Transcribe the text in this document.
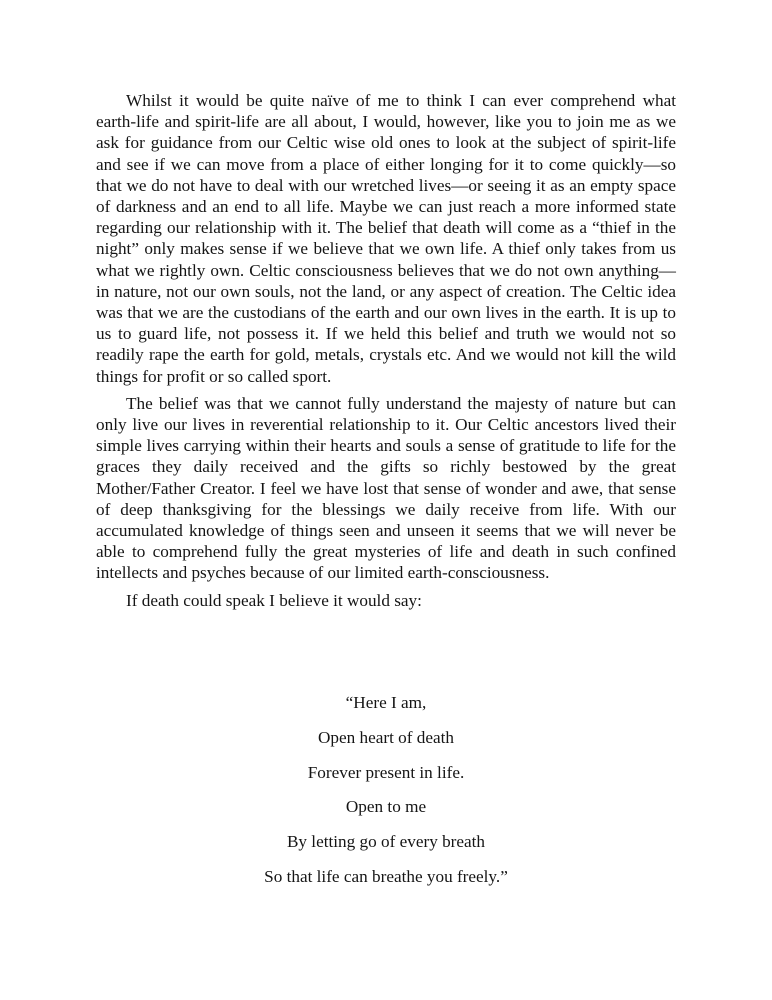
Whilst it would be quite naïve of me to think I can ever comprehend what earth-life and spirit-life are all about, I would, however, like you to join me as we ask for guidance from our Celtic wise old ones to look at the subject of spirit-life and see if we can move from a place of either longing for it to come quickly—so that we do not have to deal with our wretched lives—or seeing it as an empty space of darkness and an end to all life. Maybe we can just reach a more informed state regarding our relationship with it. The belief that death will come as a “thief in the night” only makes sense if we believe that we own life. A thief only takes from us what we rightly own. Celtic consciousness believes that we do not own anything—in nature, not our own souls, not the land, or any aspect of creation. The Celtic idea was that we are the custodians of the earth and our own lives in the earth. It is up to us to guard life, not possess it. If we held this belief and truth we would not so readily rape the earth for gold, metals, crystals etc. And we would not kill the wild things for profit or so called sport.

The belief was that we cannot fully understand the majesty of nature but can only live our lives in reverential relationship to it. Our Celtic ancestors lived their simple lives carrying within their hearts and souls a sense of gratitude to life for the graces they daily received and the gifts so richly bestowed by the great Mother/Father Creator. I feel we have lost that sense of wonder and awe, that sense of deep thanksgiving for the blessings we daily receive from life. With our accumulated knowledge of things seen and unseen it seems that we will never be able to comprehend fully the great mysteries of life and death in such confined intellects and psyches because of our limited earth-consciousness.

If death could speak I believe it would say:

“Here I am,
Open heart of death
Forever present in life.
Open to me
By letting go of every breath
So that life can breathe you freely.”
